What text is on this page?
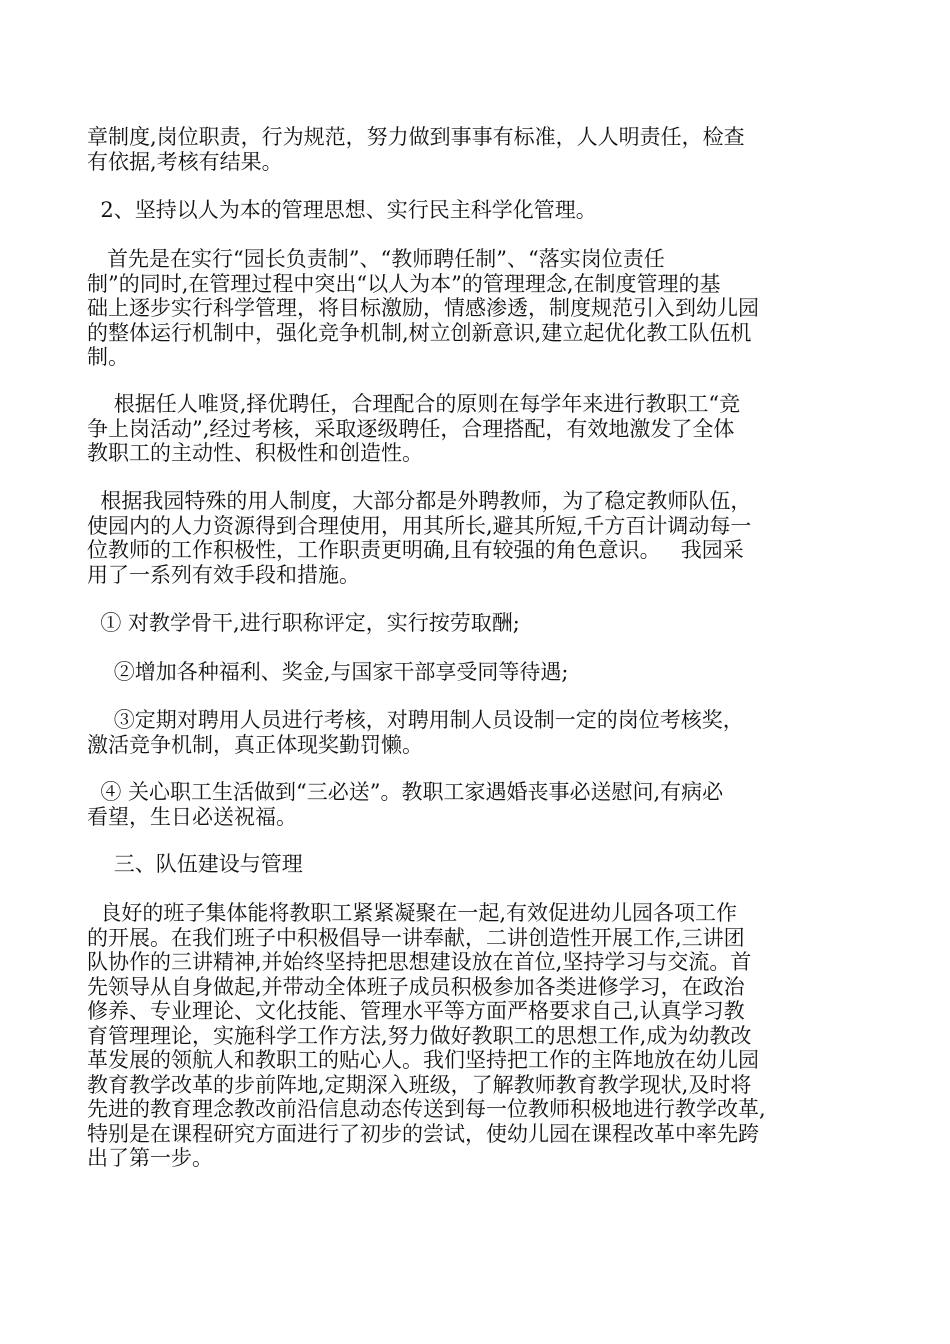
章制度,岗位职责，行为规范，努力做到事事有标准，人人明责任，检查
有依据,考核有结果。

2、坚持以人为本的管理思想、实行民主科学化管理。

首先是在实行“园长负责制”、“教师聘任制”、“落实岗位责任
制”的同时,在管理过程中突出“以人为本”的管理理念,在制度管理的基
础上逐步实行科学管理，将目标激励，情感渗透，制度规范引入到幼儿园
的整体运行机制中，强化竞争机制,树立创新意识,建立起优化教工队伍机
制。

根据任人唯贤,择优聘任，合理配合的原则在每学年来进行教职工“竞
争上岗活动”,经过考核，采取逐级聘任，合理搭配，有效地激发了全体
教职工的主动性、积极性和创造性。

根据我园特殊的用人制度，大部分都是外聘教师，为了稳定教师队伍，
使园内的人力资源得到合理使用，用其所长,避其所短,千方百计调动每一
位教师的工作积极性，工作职责更明确,且有较强的角色意识。   我园采
用了一系列有效手段和措施。

① 对教学骨干,进行职称评定，实行按劳取酬;

②增加各种福利、奖金,与国家干部享受同等待遇;

③定期对聘用人员进行考核，对聘用制人员设制一定的岗位考核奖，
激活竞争机制，真正体现奖勤罚懒。

④ 关心职工生活做到“三必送”。教职工家遇婚丧事必送慰问,有病必
看望，生日必送祝福。

三、队伍建设与管理

良好的班子集体能将教职工紧紧凝聚在一起,有效促进幼儿园各项工作
的开展。在我们班子中积极倡导一讲奉献，二讲创造性开展工作,三讲团
队协作的三讲精神,并始终坚持把思想建设放在首位,坚持学习与交流。首
先领导从自身做起,并带动全体班子成员积极参加各类进修学习，在政治
修养、专业理论、文化技能、管理水平等方面严格要求自己,认真学习教
育管理理论，实施科学工作方法,努力做好教职工的思想工作,成为幼教改
革发展的领航人和教职工的贴心人。我们坚持把工作的主阵地放在幼儿园
教育教学改革的步前阵地,定期深入班级，了解教师教育教学现状,及时将
先进的教育理念教改前沿信息动态传送到每一位教师积极地进行教学改革,
特别是在课程研究方面进行了初步的尝试，使幼儿园在课程改革中率先跨
出了第一步。
